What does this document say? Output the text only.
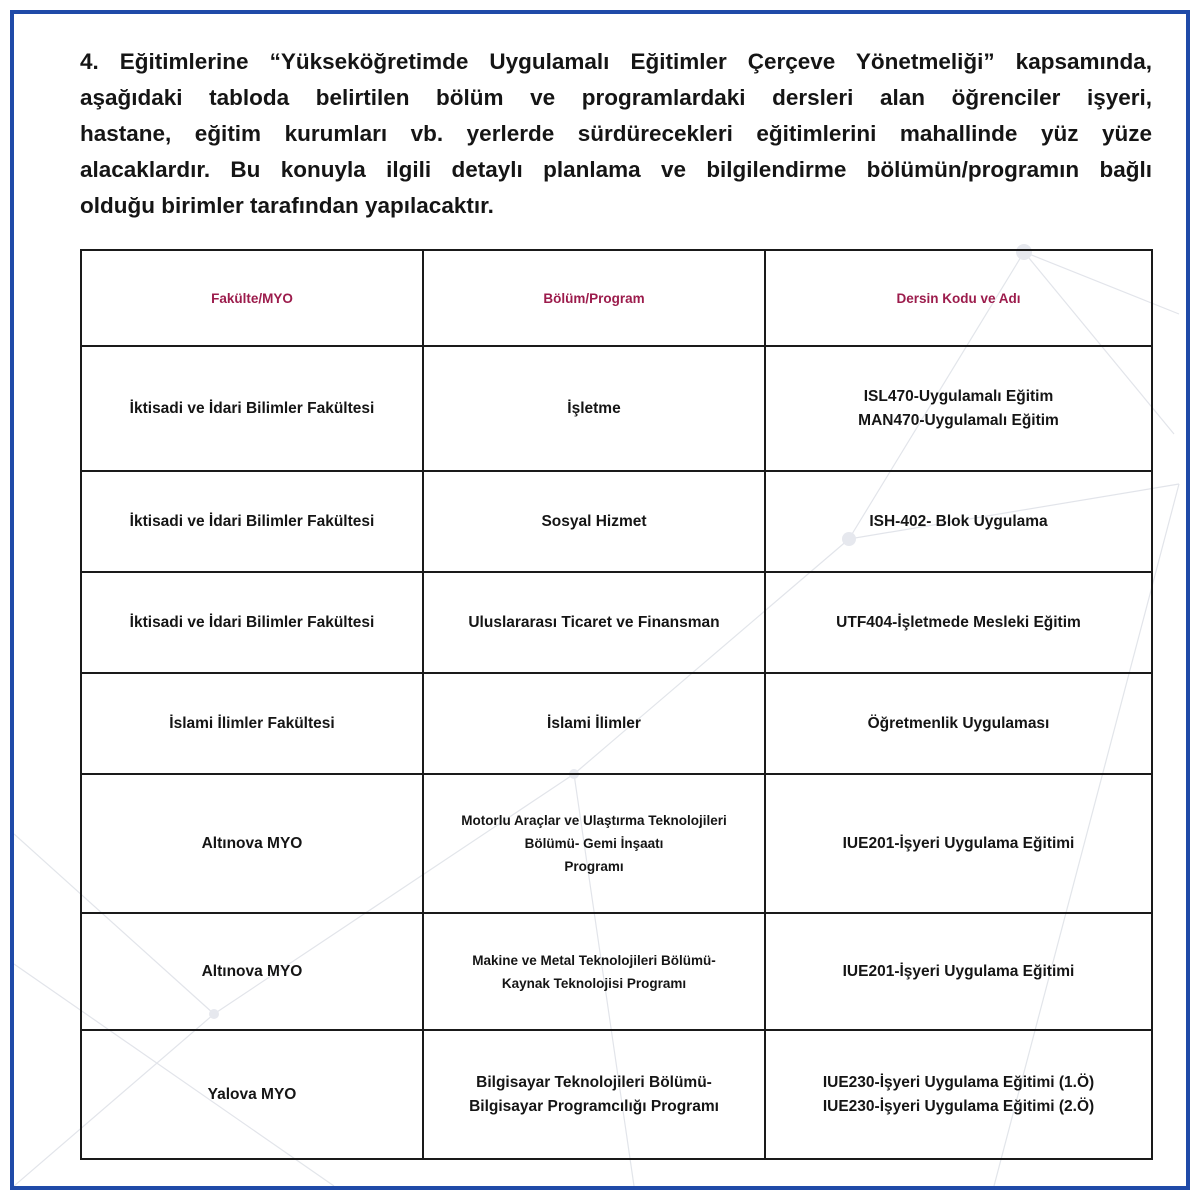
4. Eğitimlerine “Yükseköğretimde Uygulamalı Eğitimler Çerçeve Yönetmeliği” kapsamında,
aşağıdaki tabloda belirtilen bölüm ve programlardaki dersleri alan öğrenciler işyeri,
hastane, eğitim kurumları vb. yerlerde sürdürecekleri eğitimlerini mahallinde yüz yüze
alacaklardır. Bu konuyla ilgili detaylı planlama ve bilgilendirme bölümün/programın bağlı
olduğu birimler tarafından yapılacaktır.
Fakülte/MYO	Bölüm/Program	Dersin Kodu ve Adı
İktisadi ve İdari Bilimler Fakültesi	İşletme	ISL470-Uygulamalı Eğitim
MAN470-Uygulamalı Eğitim

İktisadi ve İdari Bilimler Fakültesi	Sosyal Hizmet	ISH-402- Blok Uygulama

İktisadi ve İdari Bilimler Fakültesi	Uluslararası Ticaret ve Finansman	UTF404-İşletmede Mesleki Eğitim

İslami İlimler Fakültesi	İslami İlimler	Öğretmenlik Uygulaması

Altınova MYO	Motorlu Araçlar ve Ulaştırma Teknolojileri
Bölümü- Gemi İnşaatı
Programı	IUE201-İşyeri Uygulama Eğitimi

Altınova MYO	Makine ve Metal Teknolojileri Bölümü-
Kaynak Teknolojisi Programı	IUE201-İşyeri Uygulama Eğitimi

Yalova MYO	Bilgisayar Teknolojileri Bölümü-
Bilgisayar Programcılığı Programı	IUE230-İşyeri Uygulama Eğitimi (1.Ö)
IUE230-İşyeri Uygulama Eğitimi (2.Ö)
